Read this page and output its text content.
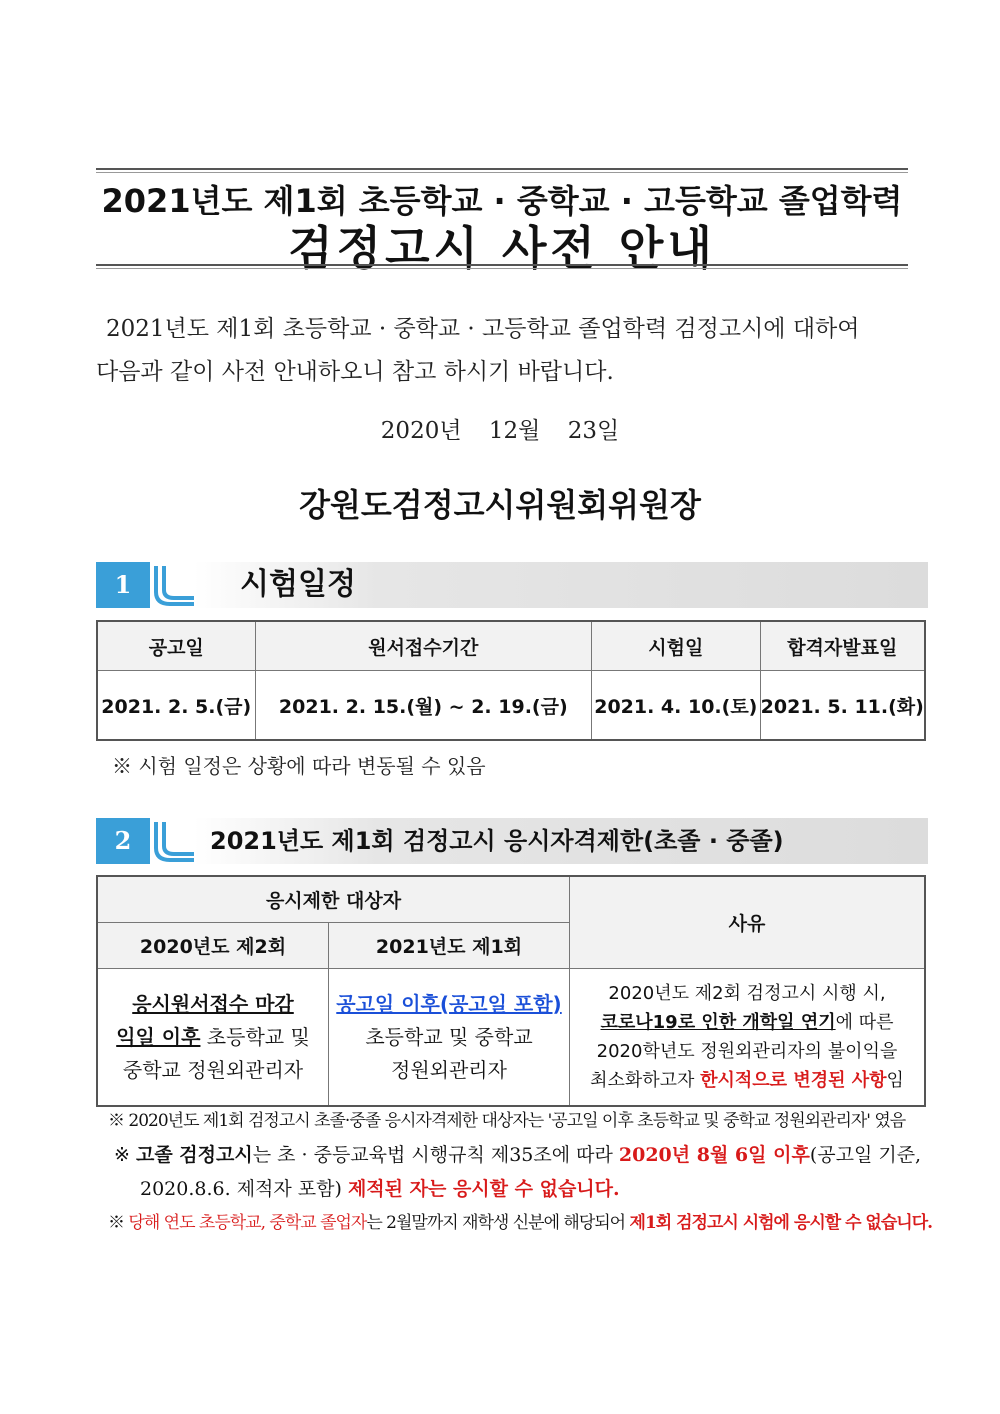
2021년도 제1회 초등학교 · 중학교 · 고등학교 졸업학력
검정고시 사전 안내
2021년도 제1회 초등학교 · 중학교 · 고등학교 졸업학력 검정고시에 대하여
다음과 같이 사전 안내하오니 참고 하시기 바랍니다.
2020년 12월 23일
강원도검정고시위원회위원장
1	시험일정
공고일	원서접수기간	시험일	합격자발표일
2021. 2. 5.(금)	2021. 2. 15.(월) ~ 2. 19.(금)	2021. 4. 10.(토)	2021. 5. 11.(화)
※ 시험 일정은 상황에 따라 변동될 수 있음
2	2021년도 제1회 검정고시 응시자격제한(초졸 · 중졸)
응시제한 대상자		사유
2020년도 제2회	2021년도 제1회	
응시원서접수 마감
익일 이후 초등학교 및
중학교 정원외관리자	공고일 이후(공고일 포함)
초등학교 및 중학교
정원외관리자	2020년도 제2회 검정고시 시행 시,
코로나19로 인한 개학일 연기에 따른
2020학년도 정원외관리자의 불이익을
최소화하고자 한시적으로 변경된 사항임
※ 2020년도 제1회 검정고시 초졸·중졸 응시자격제한 대상자는 '공고일 이후 초등학교 및 중학교 정원외관리자' 였음
※ 고졸 검정고시는 초 · 중등교육법 시행규칙 제35조에 따라 2020년 8월 6일 이후(공고일 기준,
2020.8.6. 제적자 포함) 제적된 자는 응시할 수 없습니다.
※ 당해 연도 초등학교, 중학교 졸업자는 2월말까지 재학생 신분에 해당되어 제1회 검정고시 시험에 응시할 수 없습니다.
